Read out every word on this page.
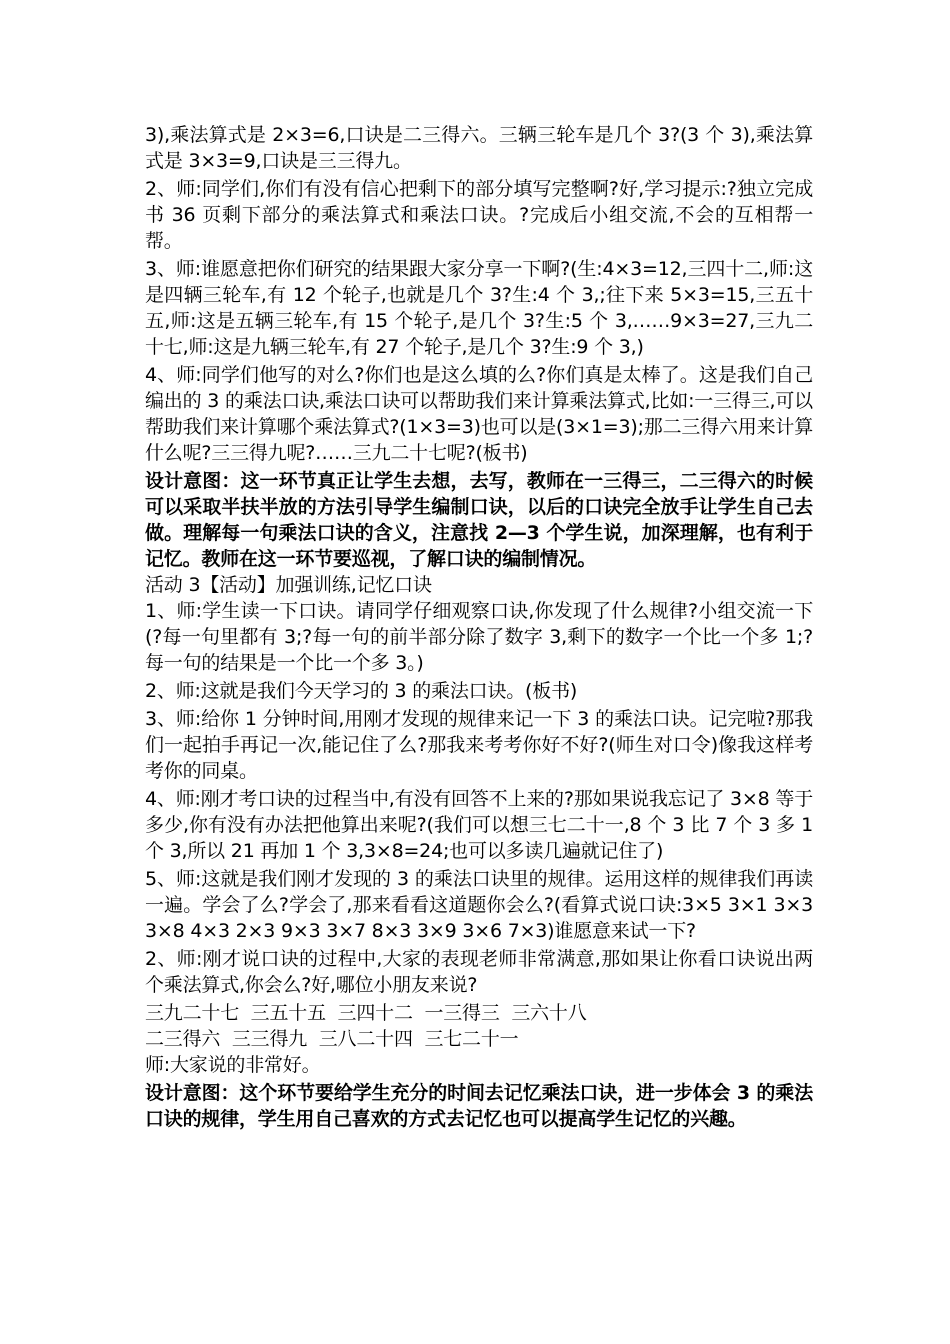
3),乘法算式是 2×3=6,口诀是二三得六。三辆三轮车是几个 3?(3 个 3),乘法算式是 3×3=9,口诀是三三得九。

2、师:同学们,你们有没有信心把剩下的部分填写完整啊?好,学习提示:?独立完成书 36 页剩下部分的乘法算式和乘法口诀。?完成后小组交流,不会的互相帮一帮。

3、师:谁愿意把你们研究的结果跟大家分享一下啊?(生:4×3=12,三四十二,师:这是四辆三轮车,有 12 个轮子,也就是几个 3?生:4 个 3,;往下来 5×3=15,三五十五,师:这是五辆三轮车,有 15 个轮子,是几个 3?生:5 个 3,……9×3=27,三九二十七,师:这是九辆三轮车,有 27 个轮子,是几个 3?生:9 个 3,)

4、师:同学们他写的对么?你们也是这么填的么?你们真是太棒了。这是我们自己编出的 3 的乘法口诀,乘法口诀可以帮助我们来计算乘法算式,比如:一三得三,可以帮助我们来计算哪个乘法算式?(1×3=3)也可以是(3×1=3);那二三得六用来计算什么呢?三三得九呢?……三九二十七呢?(板书)

设计意图：这一环节真正让学生去想，去写，教师在一三得三，二三得六的时候可以采取半扶半放的方法引导学生编制口诀，以后的口诀完全放手让学生自己去做。理解每一句乘法口诀的含义，注意找 2—3 个学生说，加深理解，也有利于记忆。教师在这一环节要巡视，了解口诀的编制情况。

活动 3【活动】加强训练,记忆口诀

1、师:学生读一下口诀。请同学仔细观察口诀,你发现了什么规律?小组交流一下(?每一句里都有 3;?每一句的前半部分除了数字 3,剩下的数字一个比一个多 1;?每一句的结果是一个比一个多 3。)

2、师:这就是我们今天学习的 3 的乘法口诀。(板书)

3、师:给你 1 分钟时间,用刚才发现的规律来记一下 3 的乘法口诀。记完啦?那我们一起拍手再记一次,能记住了么?那我来考考你好不好?(师生对口令)像我这样考考你的同桌。

4、师:刚才考口诀的过程当中,有没有回答不上来的?那如果说我忘记了 3×8 等于多少,你有没有办法把他算出来呢?(我们可以想三七二十一,8 个 3 比 7 个 3 多 1 个 3,所以 21 再加 1 个 3,3×8=24;也可以多读几遍就记住了)

5、师:这就是我们刚才发现的 3 的乘法口诀里的规律。运用这样的规律我们再读一遍。学会了么?学会了,那来看看这道题你会么?(看算式说口诀:3×5 3×1 3×3 3×8 4×3 2×3 9×3 3×7 8×3 3×9 3×6 7×3)谁愿意来试一下?

2、师:刚才说口诀的过程中,大家的表现老师非常满意,那如果让你看口诀说出两个乘法算式,你会么?好,哪位小朋友来说?

三九二十七  三五十五  三四十二  一三得三  三六十八

二三得六  三三得九  三八二十四  三七二十一

师:大家说的非常好。

设计意图：这个环节要给学生充分的时间去记忆乘法口诀，进一步体会 3 的乘法口诀的规律，学生用自己喜欢的方式去记忆也可以提高学生记忆的兴趣。
